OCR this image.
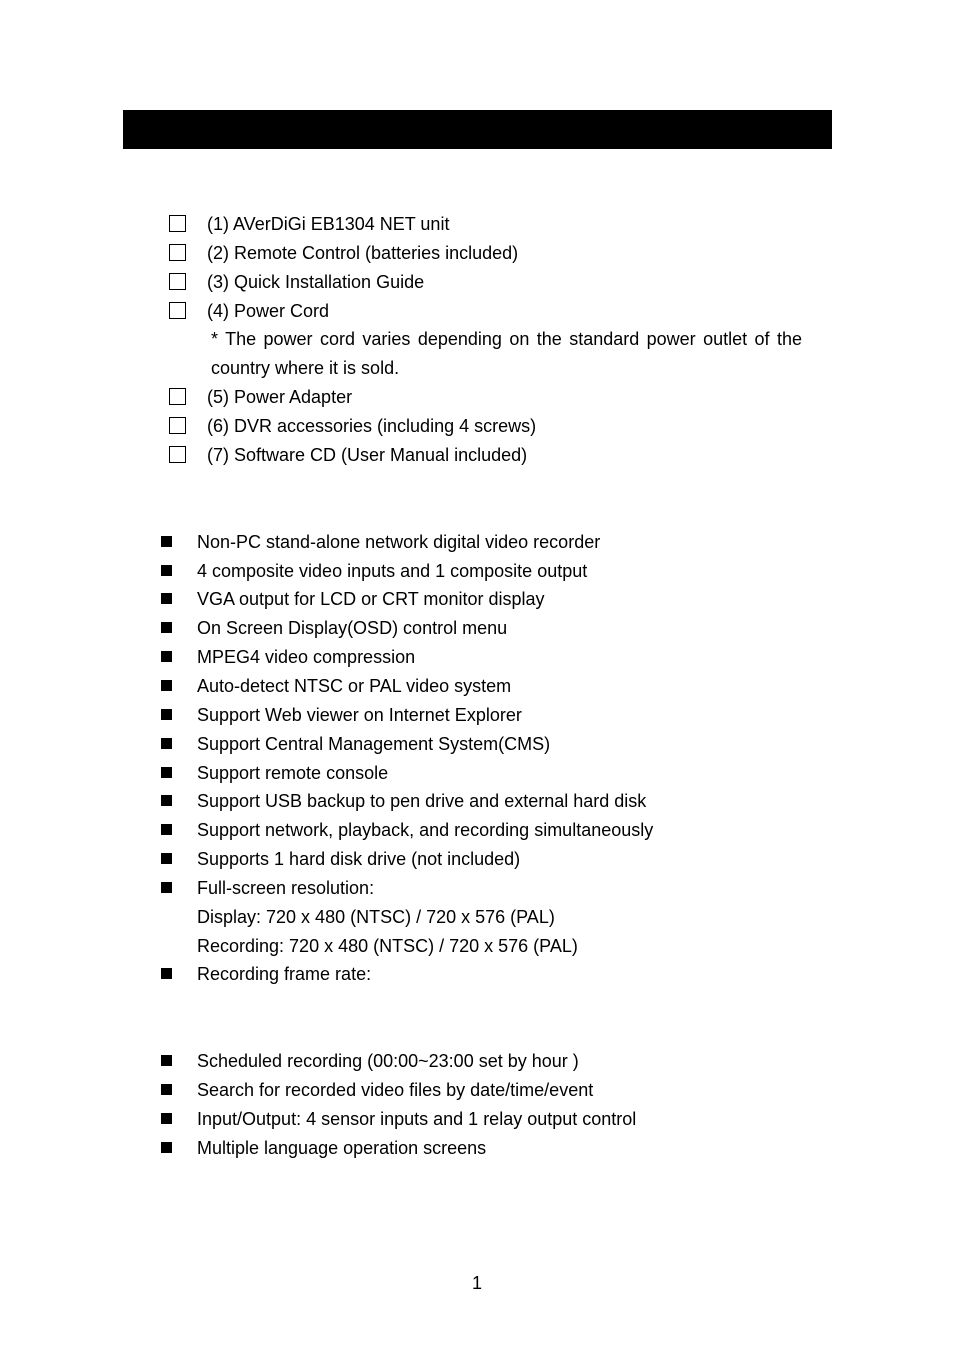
(1) AVerDiGi EB1304 NET unit
(2) Remote Control (batteries included)
(3) Quick Installation Guide
(4) Power Cord
* The power cord varies depending on the standard power outlet of the country where it is sold.
(5) Power Adapter
(6) DVR accessories (including 4 screws)
(7) Software CD (User Manual included)
Non-PC stand-alone network digital video recorder
4 composite video inputs and 1 composite output
VGA output for LCD or CRT monitor display
On Screen Display(OSD) control menu
MPEG4 video compression
Auto-detect NTSC or PAL video system
Support Web viewer on Internet Explorer
Support Central Management System(CMS)
Support remote console
Support USB backup to pen drive and external hard disk
Support network, playback, and recording simultaneously
Supports 1 hard disk drive (not included)
Full-screen resolution:
Display: 720 x 480 (NTSC) / 720 x 576 (PAL)
Recording: 720 x 480 (NTSC) / 720 x 576 (PAL)
Recording frame rate:
Scheduled recording (00:00~23:00 set by hour )
Search for recorded video files by date/time/event
Input/Output: 4 sensor inputs and 1 relay output control
Multiple language operation screens
1
